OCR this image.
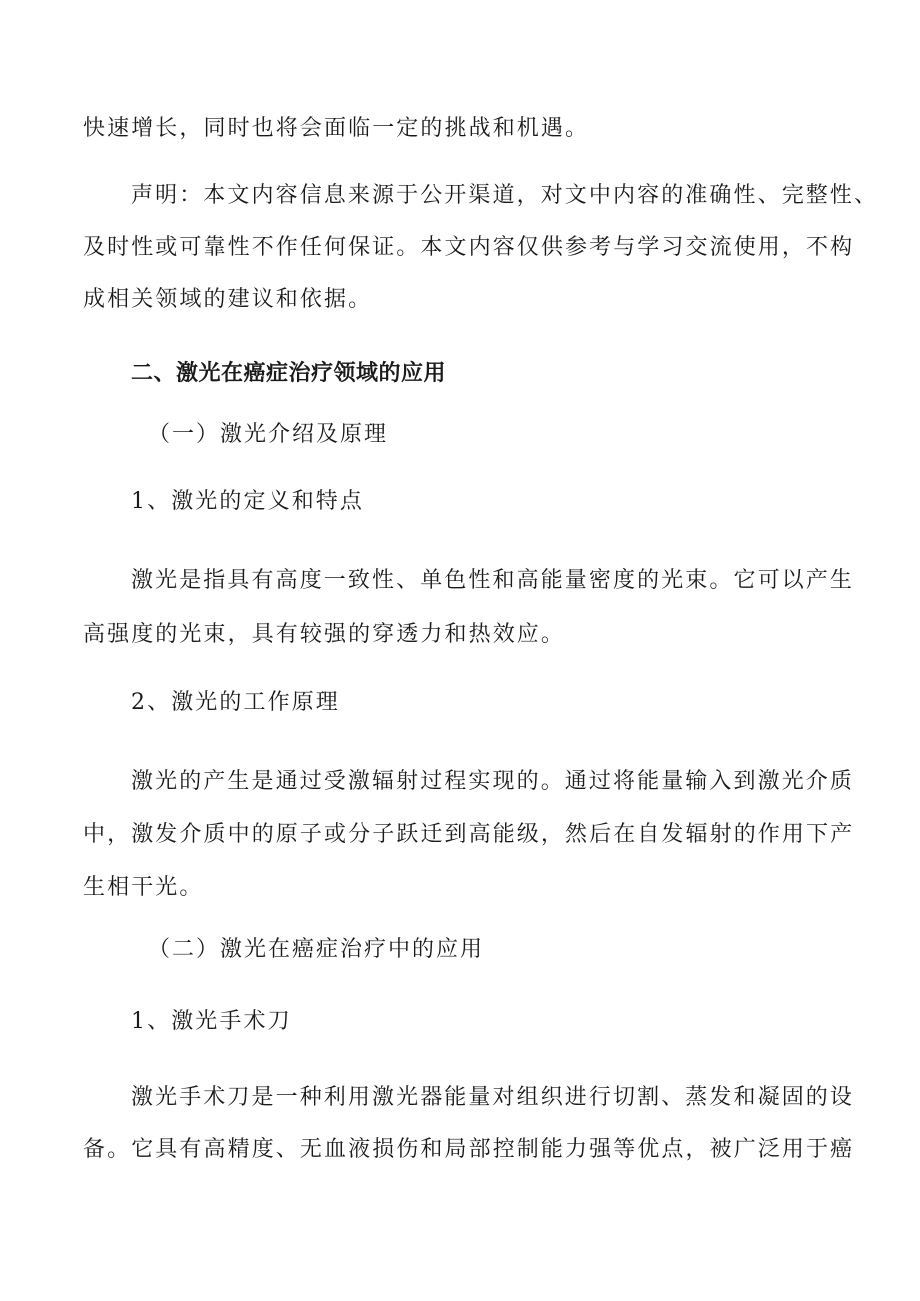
快速增长，同时也将会面临一定的挑战和机遇。
声明：本文内容信息来源于公开渠道，对文中内容的准确性、完整性、
及时性或可靠性不作任何保证。本文内容仅供参考与学习交流使用，不构
成相关领域的建议和依据。
二、激光在癌症治疗领域的应用
（一）激光介绍及原理
1、激光的定义和特点
激光是指具有高度一致性、单色性和高能量密度的光束。它可以产生
高强度的光束，具有较强的穿透力和热效应。
2、激光的工作原理
激光的产生是通过受激辐射过程实现的。通过将能量输入到激光介质
中，激发介质中的原子或分子跃迁到高能级，然后在自发辐射的作用下产
生相干光。
（二）激光在癌症治疗中的应用
1、激光手术刀
激光手术刀是一种利用激光器能量对组织进行切割、蒸发和凝固的设
备。它具有高精度、无血液损伤和局部控制能力强等优点，被广泛用于癌
